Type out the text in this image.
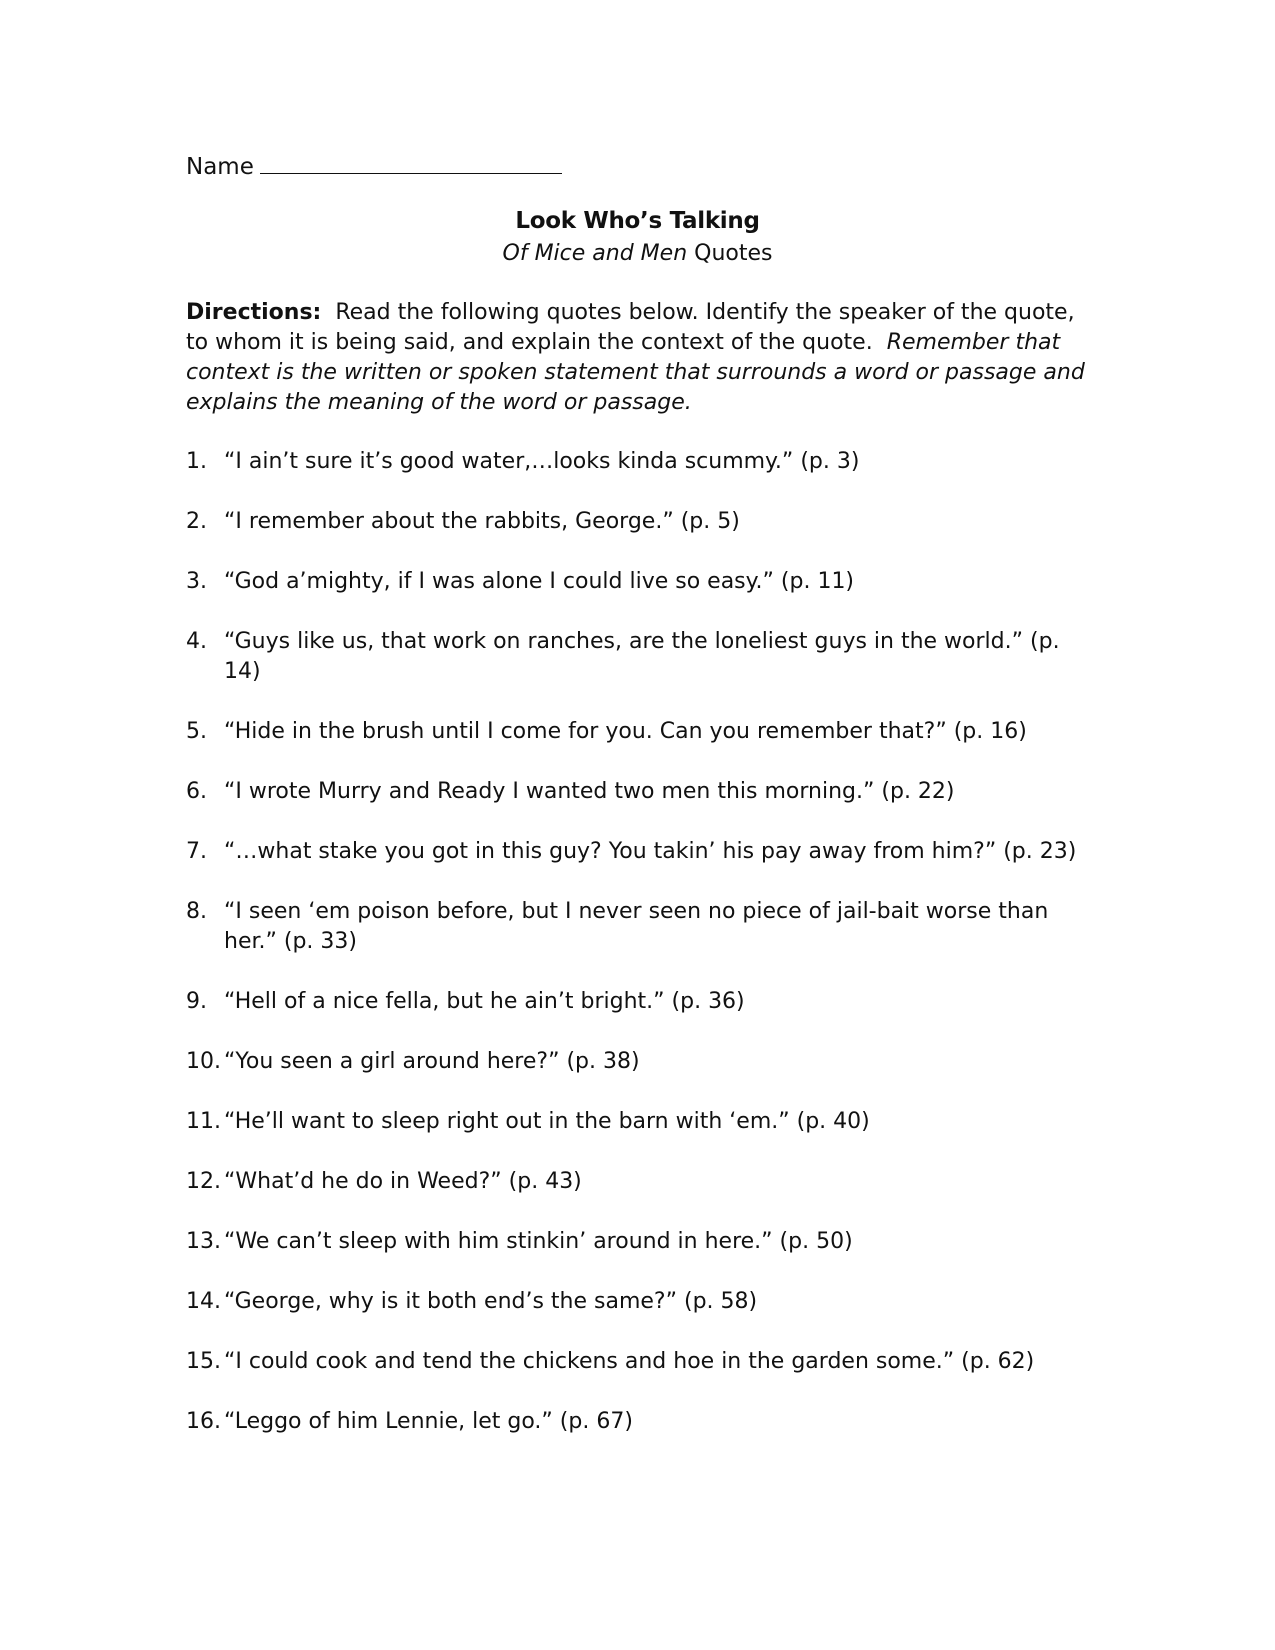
Name
Look Who’s Talking
Of Mice and Men Quotes
Directions: Read the following quotes below. Identify the speaker of the quote, to whom it is being said, and explain the context of the quote. Remember that context is the written or spoken statement that surrounds a word or passage and explains the meaning of the word or passage.
1. “I ain’t sure it’s good water,…looks kinda scummy.” (p. 3)
2. “I remember about the rabbits, George.” (p. 5)
3. “God a’mighty, if I was alone I could live so easy.” (p. 11)
4. “Guys like us, that work on ranches, are the loneliest guys in the world.” (p. 14)
5. “Hide in the brush until I come for you. Can you remember that?” (p. 16)
6. “I wrote Murry and Ready I wanted two men this morning.” (p. 22)
7. “…what stake you got in this guy? You takin’ his pay away from him?” (p. 23)
8. “I seen ‘em poison before, but I never seen no piece of jail-bait worse than her.” (p. 33)
9. “Hell of a nice fella, but he ain’t bright.” (p. 36)
10. “You seen a girl around here?” (p. 38)
11. “He’ll want to sleep right out in the barn with ‘em.” (p. 40)
12. “What’d he do in Weed?” (p. 43)
13. “We can’t sleep with him stinkin’ around in here.” (p. 50)
14. “George, why is it both end’s the same?” (p. 58)
15. “I could cook and tend the chickens and hoe in the garden some.” (p. 62)
16. “Leggo of him Lennie, let go.” (p. 67)
